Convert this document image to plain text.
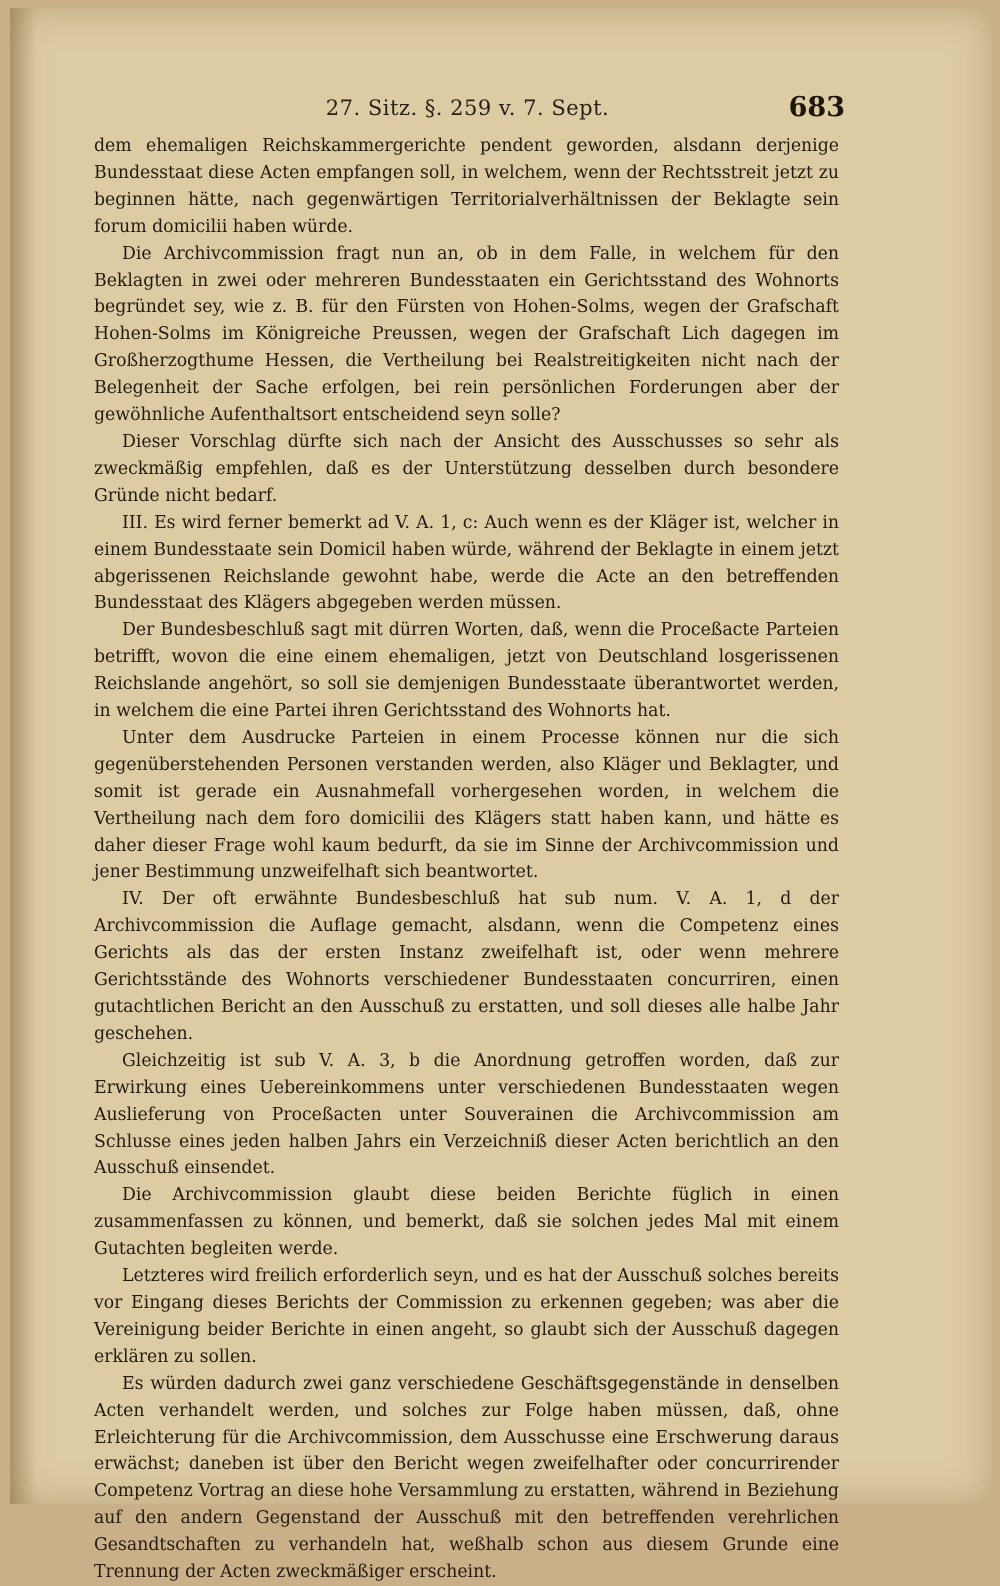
27. Sitz. §. 259 v. 7. Sept.	683

dem ehemaligen Reichskammergerichte pendent geworden, alsdann derjenige Bundesstaat diese Acten empfangen soll, in welchem, wenn der Rechtsstreit jetzt zu beginnen hätte, nach gegenwärtigen Territorialverhältnissen der Beklagte sein forum domicilii haben würde.

Die Archivcommission fragt nun an, ob in dem Falle, in welchem für den Beklagten in zwei oder mehreren Bundesstaaten ein Gerichtsstand des Wohnorts begründet sey, wie z. B. für den Fürsten von Hohen-Solms, wegen der Grafschaft Hohen-Solms im Königreiche Preussen, wegen der Grafschaft Lich dagegen im Großherzogthume Hessen, die Vertheilung bei Realstreitigkeiten nicht nach der Belegenheit der Sache erfolgen, bei rein persönlichen Forderungen aber der gewöhnliche Aufenthaltsort entscheidend seyn solle?

Dieser Vorschlag dürfte sich nach der Ansicht des Ausschusses so sehr als zweckmäßig empfehlen, daß es der Unterstützung desselben durch besondere Gründe nicht bedarf.

III. Es wird ferner bemerkt ad V. A. 1, c: Auch wenn es der Kläger ist, welcher in einem Bundesstaate sein Domicil haben würde, während der Beklagte in einem jetzt abgerissenen Reichslande gewohnt habe, werde die Acte an den betreffenden Bundesstaat des Klägers abgegeben werden müssen.

Der Bundesbeschluß sagt mit dürren Worten, daß, wenn die Proceßacte Parteien betrifft, wovon die eine einem ehemaligen, jetzt von Deutschland losgerissenen Reichslande angehört, so soll sie demjenigen Bundesstaate überantwortet werden, in welchem die eine Partei ihren Gerichtsstand des Wohnorts hat.

Unter dem Ausdrucke Parteien in einem Processe können nur die sich gegenüberstehenden Personen verstanden werden, also Kläger und Beklagter, und somit ist gerade ein Ausnahmefall vorhergesehen worden, in welchem die Vertheilung nach dem foro domicilii des Klägers statt haben kann, und hätte es daher dieser Frage wohl kaum bedurft, da sie im Sinne der Archivcommission und jener Bestimmung unzweifelhaft sich beantwortet.

IV. Der oft erwähnte Bundesbeschluß hat sub num. V. A. 1, d der Archivcommission die Auflage gemacht, alsdann, wenn die Competenz eines Gerichts als das der ersten Instanz zweifelhaft ist, oder wenn mehrere Gerichtsstände des Wohnorts verschiedener Bundesstaaten concurriren, einen gutachtlichen Bericht an den Ausschuß zu erstatten, und soll dieses alle halbe Jahr geschehen.

Gleichzeitig ist sub V. A. 3, b die Anordnung getroffen worden, daß zur Erwirkung eines Uebereinkommens unter verschiedenen Bundesstaaten wegen Auslieferung von Proceßacten unter Souverainen die Archivcommission am Schlusse eines jeden halben Jahrs ein Verzeichniß dieser Acten berichtlich an den Ausschuß einsendet.

Die Archivcommission glaubt diese beiden Berichte füglich in einen zusammenfassen zu können, und bemerkt, daß sie solchen jedes Mal mit einem Gutachten begleiten werde.

Letzteres wird freilich erforderlich seyn, und es hat der Ausschuß solches bereits vor Eingang dieses Berichts der Commission zu erkennen gegeben; was aber die Vereinigung beider Berichte in einen angeht, so glaubt sich der Ausschuß dagegen erklären zu sollen.

Es würden dadurch zwei ganz verschiedene Geschäftsgegenstände in denselben Acten verhandelt werden, und solches zur Folge haben müssen, daß, ohne Erleichterung für die Archivcommission, dem Ausschusse eine Erschwerung daraus erwächst; daneben ist über den Bericht wegen zweifelhafter oder concurrirender Competenz Vortrag an diese hohe Versammlung zu erstatten, während in Beziehung auf den andern Gegenstand der Ausschuß mit den betreffenden verehrlichen Gesandtschaften zu verhandeln hat, weßhalb schon aus diesem Grunde eine Trennung der Acten zweckmäßiger erscheint.
